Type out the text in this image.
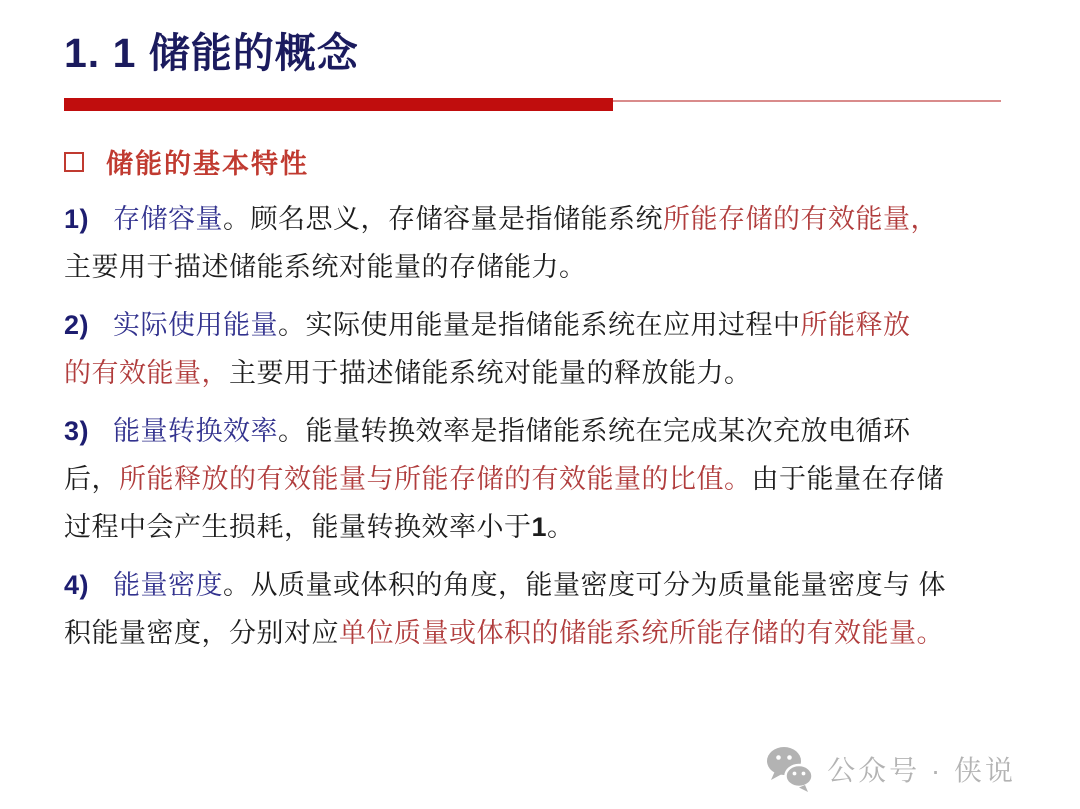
1. 1 储能的概念
储能的基本特性
1) 存储容量。顾名思义，存储容量是指储能系统所能存储的有效能量，
主要用于描述储能系统对能量的存储能力。
2) 实际使用能量。实际使用能量是指储能系统在应用过程中所能释放
的有效能量，主要用于描述储能系统对能量的释放能力。
3) 能量转换效率。能量转换效率是指储能系统在完成某次充放电循环
后，所能释放的有效能量与所能存储的有效能量的比值。由于能量在存储
过程中会产生损耗，能量转换效率小于1。
4) 能量密度。从质量或体积的角度，能量密度可分为质量能量密度与 体
积能量密度，分别对应单位质量或体积的储能系统所能存储的有效能量。
公众号 · 侠说
